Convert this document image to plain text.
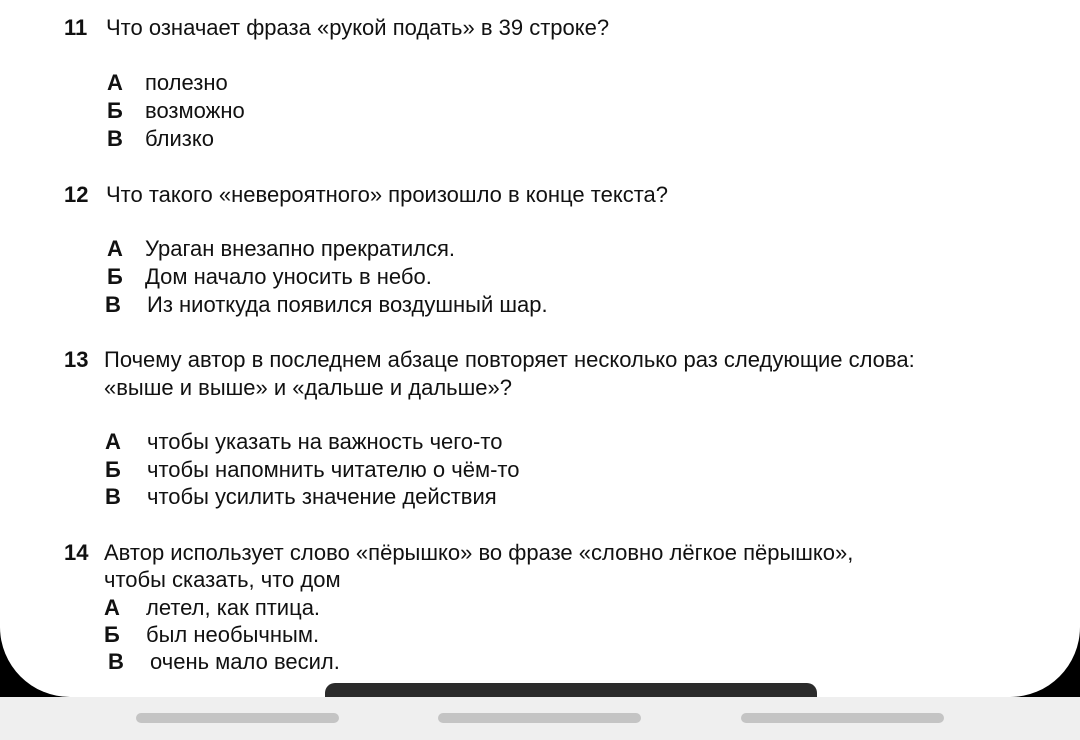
11 Что означает фраза «рукой подать» в 39 строке?
А полезно
Б возможно
В близко
12 Что такого «невероятного» произошло в конце текста?
А Ураган внезапно прекратился.
Б Дом начало уносить в небо.
В Из ниоткуда появился воздушный шар.
13 Почему автор в последнем абзаце повторяет несколько раз следующие слова:
«выше и выше» и «дальше и дальше»?
А чтобы указать на важность чего-то
Б чтобы напомнить читателю о чём-то
В чтобы усилить значение действия
14 Автор использует слово «пёрышко» во фразе «словно лёгкое пёрышко»,
чтобы сказать, что дом
А летел, как птица.
Б был необычным.
В очень мало весил.
